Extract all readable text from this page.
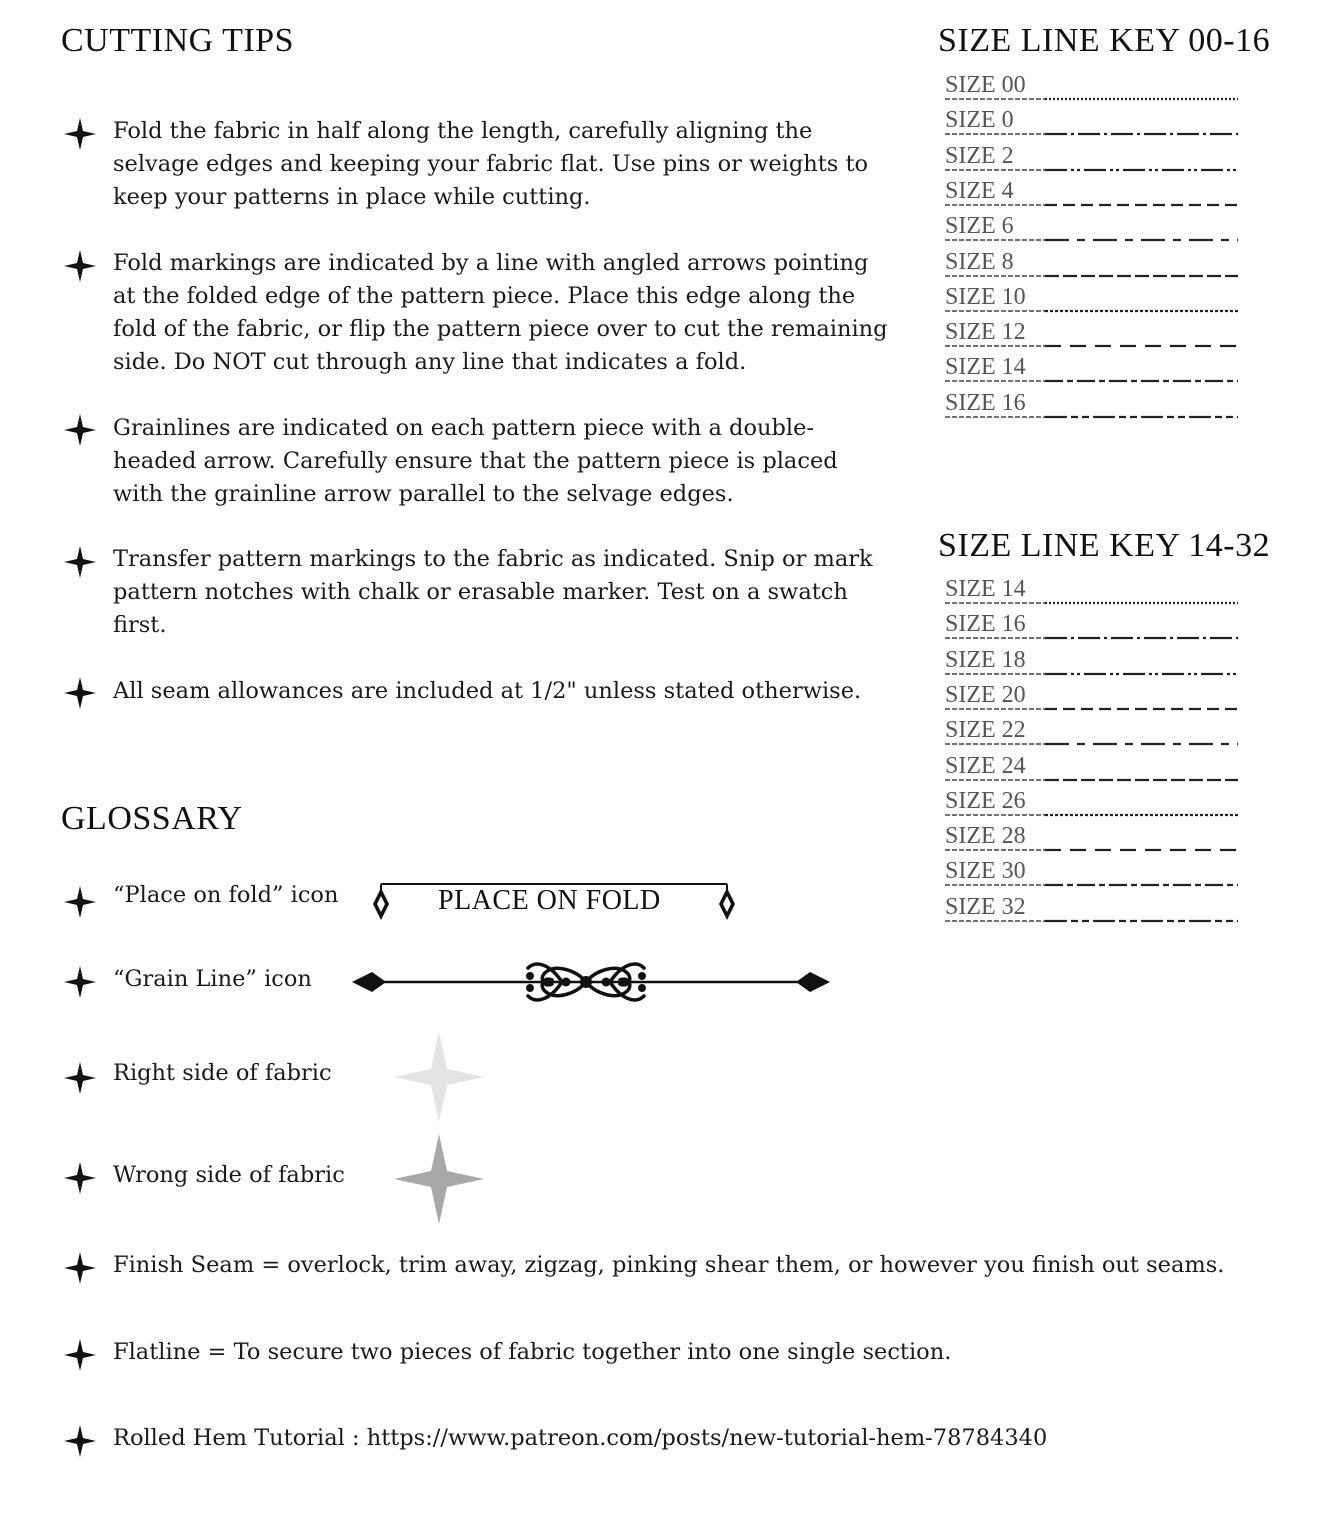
CUTTING TIPS

Fold the fabric in half along the length, carefully aligning the selvage edges and keeping your fabric flat. Use pins or weights to keep your patterns in place while cutting.

Fold markings are indicated by a line with angled arrows pointing at the folded edge of the pattern piece. Place this edge along the fold of the fabric, or flip the pattern piece over to cut the remaining side. Do NOT cut through any line that indicates a fold.

Grainlines are indicated on each pattern piece with a double-headed arrow. Carefully ensure that the pattern piece is placed with the grainline arrow parallel to the selvage edges.

Transfer pattern markings to the fabric as indicated. Snip or mark pattern notches with chalk or erasable marker. Test on a swatch first.

All seam allowances are included at 1/2" unless stated otherwise.

GLOSSARY
“Place on fold” icon	PLACE ON FOLD
“Grain Line” icon
Right side of fabric
Wrong side of fabric
Finish Seam = overlock, trim away, zigzag, pinking shear them, or however you finish out seams.
Flatline = To secure two pieces of fabric together into one single section.
Rolled Hem Tutorial : https://www.patreon.com/posts/new-tutorial-hem-78784340
SIZE LINE KEY 00-16
SIZE 00
SIZE 0
SIZE 2
SIZE 4
SIZE 6
SIZE 8
SIZE 10
SIZE 12
SIZE 14
SIZE 16
SIZE LINE KEY 14-32
SIZE 14
SIZE 16
SIZE 18
SIZE 20
SIZE 22
SIZE 24
SIZE 26
SIZE 28
SIZE 30
SIZE 32
